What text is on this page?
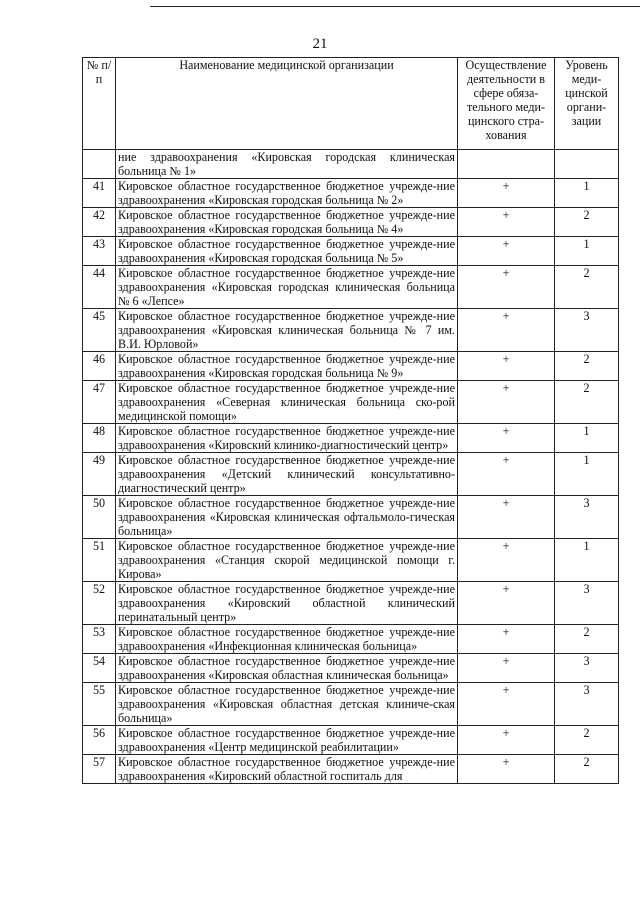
21
№ п/п	Наименование медицинской организации	Осуществление деятельности в сфере обяза-тельного меди-цинского стра-хования	Уровень меди-цинской органи-зации
	ние здравоохранения «Кировская городская клиническая больница № 1»		
41	Кировское областное государственное бюджетное учрежде-ние здравоохранения «Кировская городская больница № 2»	+	1
42	Кировское областное государственное бюджетное учрежде-ние здравоохранения «Кировская городская больница № 4»	+	2
43	Кировское областное государственное бюджетное учрежде-ние здравоохранения «Кировская городская больница № 5»	+	1
44	Кировское областное государственное бюджетное учрежде-ние здравоохранения «Кировская городская клиническая больница № 6 «Лепсе»	+	2
45	Кировское областное государственное бюджетное учрежде-ние здравоохранения «Кировская клиническая больница № 7 им. В.И. Юрловой»	+	3
46	Кировское областное государственное бюджетное учрежде-ние здравоохранения «Кировская городская больница № 9»	+	2
47	Кировское областное государственное бюджетное учрежде-ние здравоохранения «Северная клиническая больница ско-рой медицинской помощи»	+	2
48	Кировское областное государственное бюджетное учрежде-ние здравоохранения «Кировский клинико-диагностический центр»	+	1
49	Кировское областное государственное бюджетное учрежде-ние здравоохранения «Детский клинический консультативно-диагностический центр»	+	1
50	Кировское областное государственное бюджетное учрежде-ние здравоохранения «Кировская клиническая офтальмоло-гическая больница»	+	3
51	Кировское областное государственное бюджетное учрежде-ние здравоохранения «Станция скорой медицинской помощи г. Кирова»	+	1
52	Кировское областное государственное бюджетное учрежде-ние здравоохранения «Кировский областной клинический перинатальный центр»	+	3
53	Кировское областное государственное бюджетное учрежде-ние здравоохранения «Инфекционная клиническая больница»	+	2
54	Кировское областное государственное бюджетное учрежде-ние здравоохранения «Кировская областная клиническая больница»	+	3
55	Кировское областное государственное бюджетное учрежде-ние здравоохранения «Кировская областная детская клиниче-ская больница»	+	3
56	Кировское областное государственное бюджетное учрежде-ние здравоохранения «Центр медицинской реабилитации»	+	2
57	Кировское областное государственное бюджетное учрежде-ние здравоохранения «Кировский областной госпиталь для	+	2
